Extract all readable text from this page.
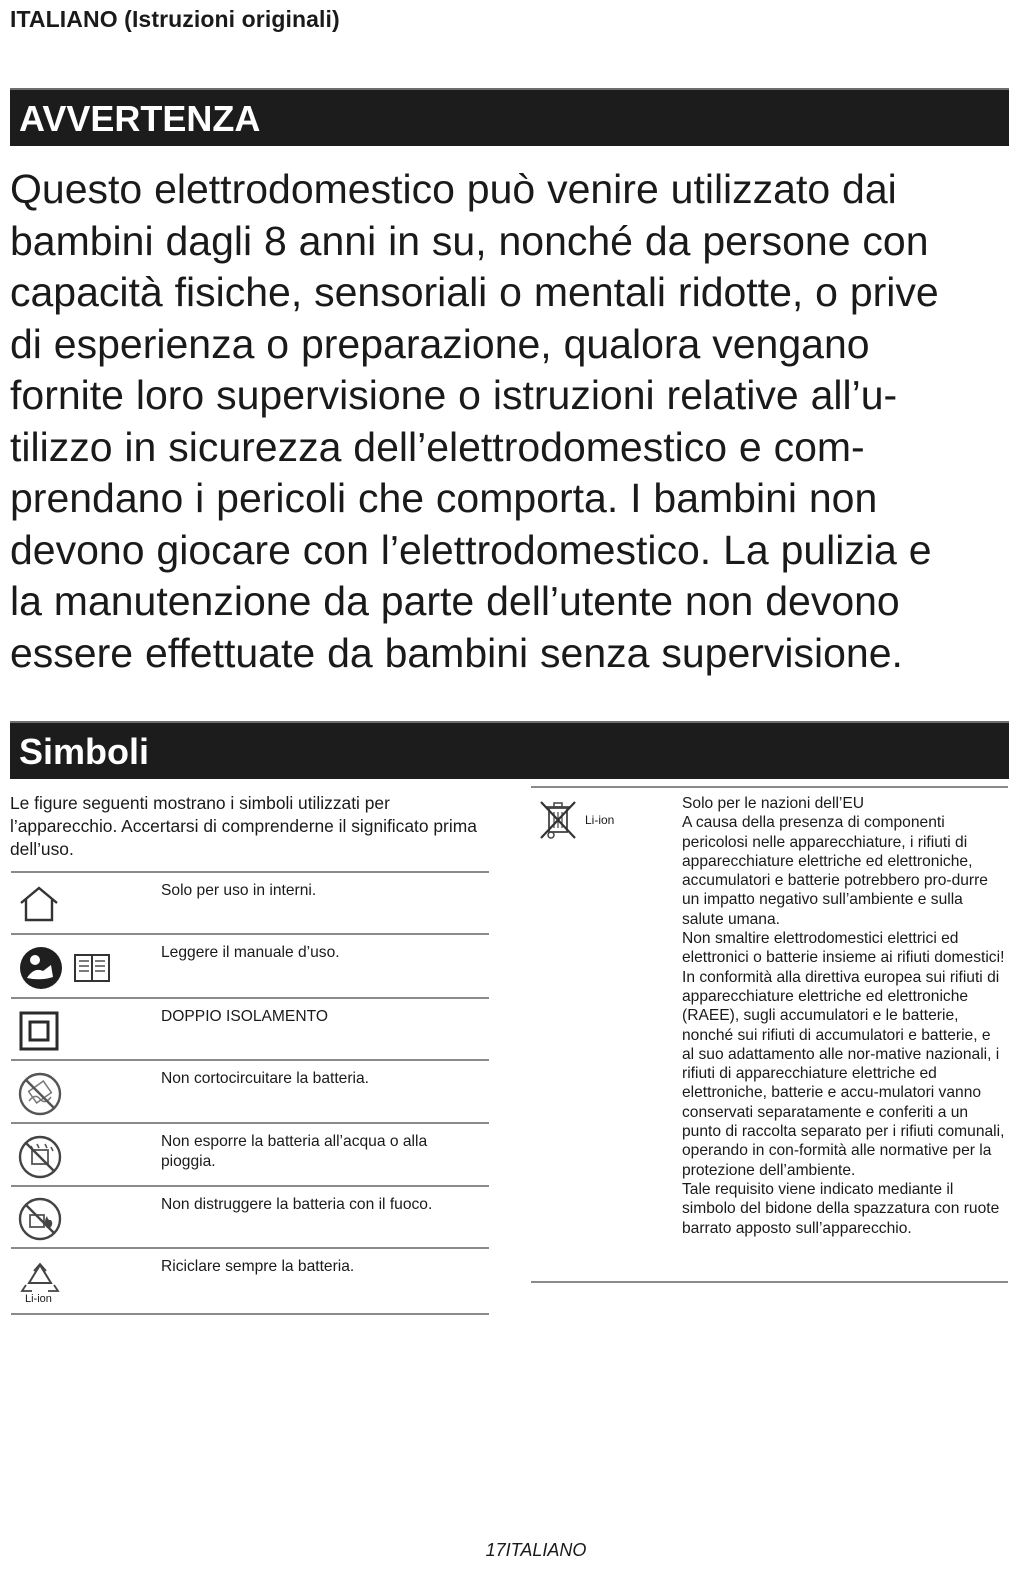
ITALIANO (Istruzioni originali)
AVVERTENZA
Questo elettrodomestico può venire utilizzato dai
bambini dagli 8 anni in su, nonché da persone con
capacità fisiche, sensoriali o mentali ridotte, o prive
di esperienza o preparazione, qualora vengano
fornite loro supervisione o istruzioni relative all’u-
tilizzo in sicurezza dell’elettrodomestico e com-
prendano i pericoli che comporta. I bambini non
devono giocare con l’elettrodomestico. La pulizia e
la manutenzione da parte dell’utente non devono
essere effettuate da bambini senza supervisione.
Simboli
Le figure seguenti mostrano i simboli utilizzati per l’apparecchio. Accertarsi di comprenderne il significato prima dell’uso.
Solo per uso in interni.
Leggere il manuale d’uso.
DOPPIO ISOLAMENTO
Non cortocircuitare la batteria.
Non esporre la batteria all’acqua o alla pioggia.
Non distruggere la batteria con il fuoco.
Li-ion
Riciclare sempre la batteria.
Li-ion

Solo per le nazioni dell’EU

A causa della presenza di componenti pericolosi nelle apparecchiature, i rifiuti di apparecchiature elettriche ed elettroniche, accumulatori e batterie potrebbero pro-durre un impatto negativo sull’ambiente e sulla salute umana.

Non smaltire elettrodomestici elettrici ed elettronici o batterie insieme ai rifiuti domestici!

In conformità alla direttiva europea sui rifiuti di apparecchiature elettriche ed elettroniche (RAEE), sugli accumulatori e le batterie, nonché sui rifiuti di accumulatori e batterie, e al suo adattamento alle nor-mative nazionali, i rifiuti di apparecchiature elettriche ed elettroniche, batterie e accu-mulatori vanno conservati separatamente e conferiti a un punto di raccolta separato per i rifiuti comunali, operando in con-formità alle normative per la protezione dell’ambiente.

Tale requisito viene indicato mediante il simbolo del bidone della spazzatura con ruote barrato apposto sull’apparecchio.

17ITALIANO
